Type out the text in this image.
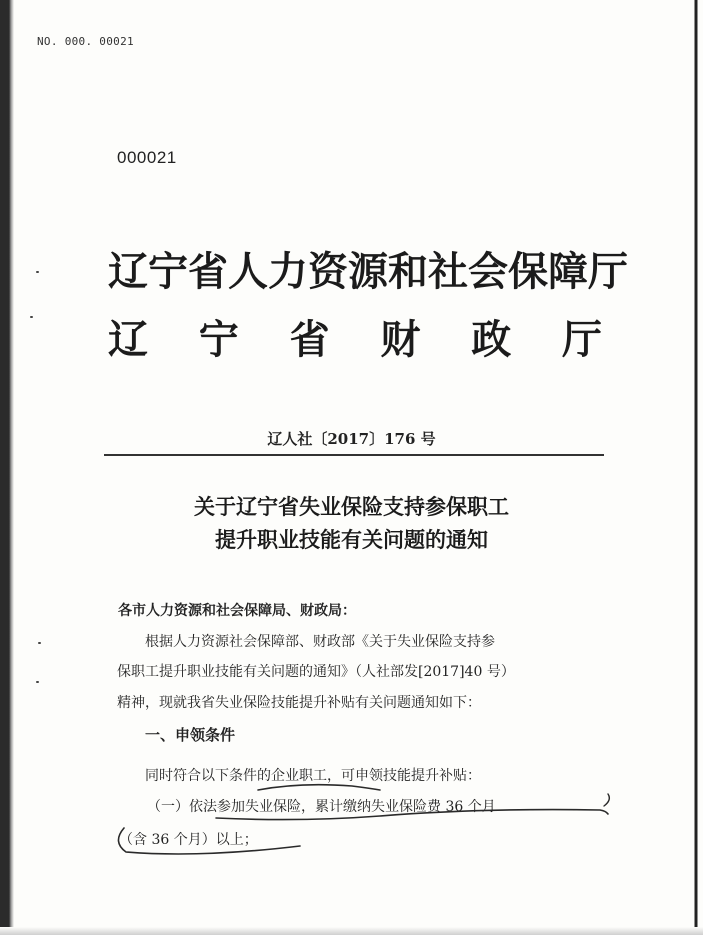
NO. 000. 00021
000021
辽 宁 省 人 力 资 源 和 社 会 保 障 厅
辽 宁 省 财 政 厅
辽人社〔2017〕176 号
关于辽宁省失业保险支持参保职工
提升职业技能有关问题的通知
各市人力资源和社会保障局、财政局：
根据人力资源社会保障部、财政部《关于失业保险支持参
保职工提升职业技能有关问题的通知》（人社部发[2017]40 号）
精神，现就我省失业保险技能提升补贴有关问题通知如下：
一、申领条件
同时符合以下条件的企业职工，可申领技能提升补贴：
（一）依法参加失业保险，累计缴纳失业保险费 36 个月
（含 36 个月）以上；
